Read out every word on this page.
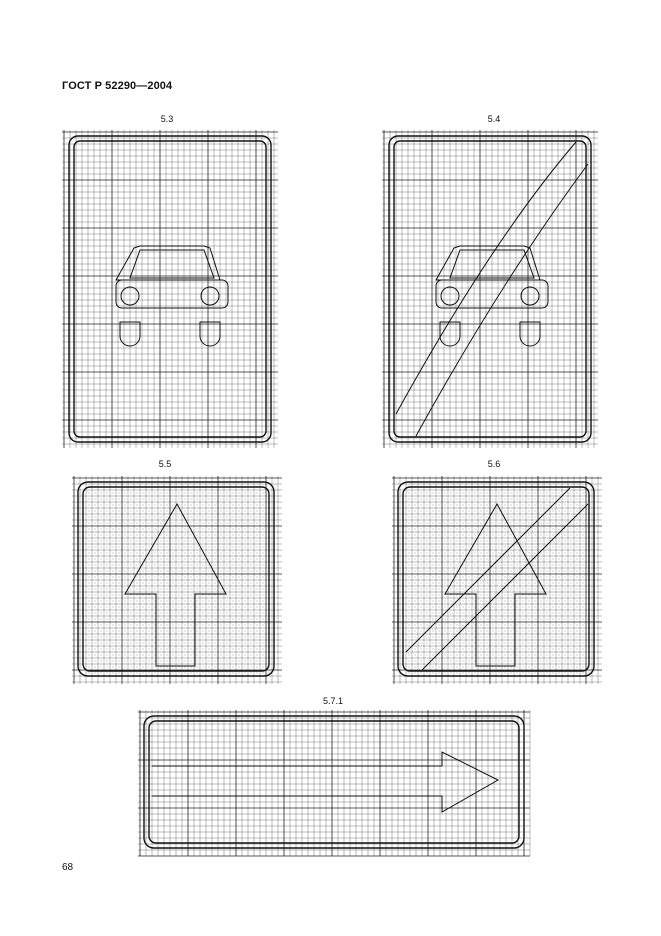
ГОСТ Р 52290—2004
5.3	5.4
5.5	5.6
5.7.1
68
